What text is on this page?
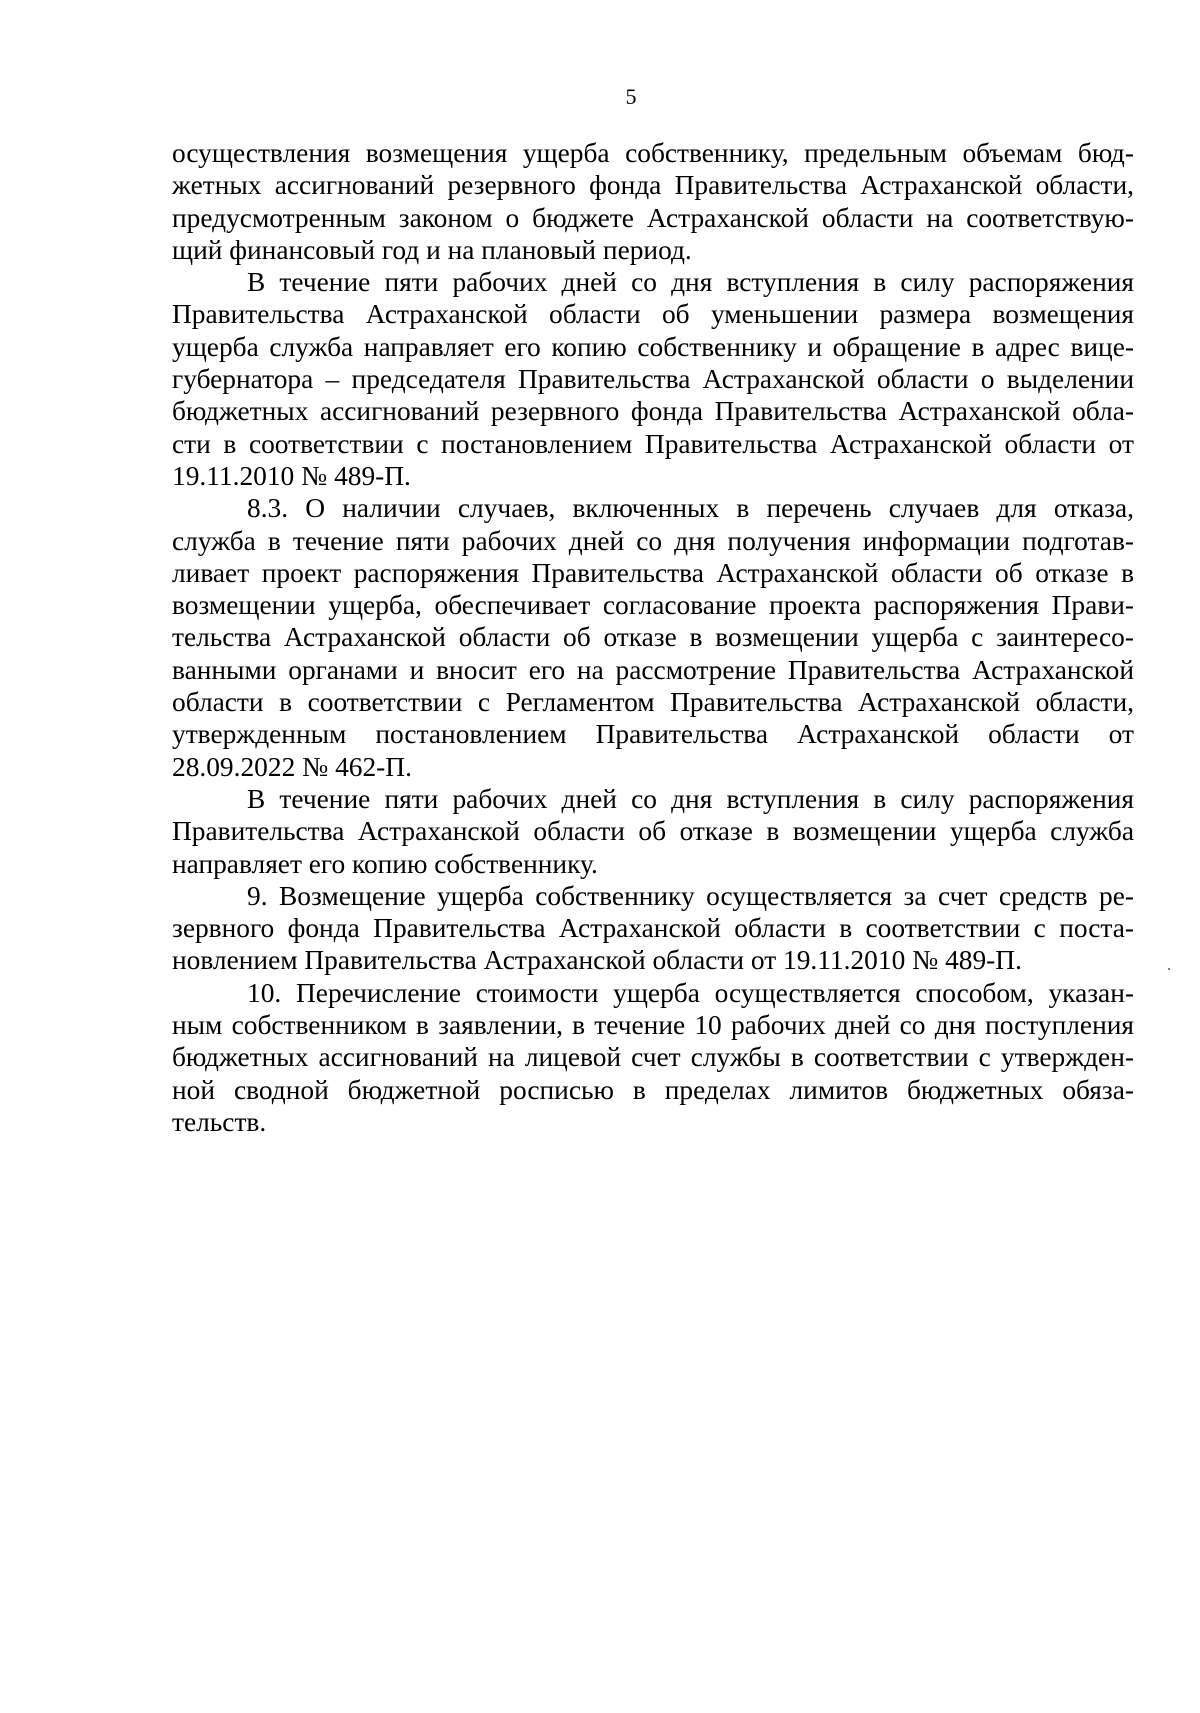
5
осуществления возмещения ущерба собственнику, предельным объемам бюд-
жетных ассигнований резервного фонда Правительства Астраханской области,
предусмотренным законом о бюджете Астраханской области на соответствую-
щий финансовый год и на плановый период.
В течение пяти рабочих дней со дня вступления в силу распоряжения
Правительства Астраханской области об уменьшении размера возмещения
ущерба служба направляет его копию собственнику и обращение в адрес вице-
губернатора – председателя Правительства Астраханской области о выделении
бюджетных ассигнований резервного фонда Правительства Астраханской обла-
сти в соответствии с постановлением Правительства Астраханской области от
19.11.2010 № 489-П.
8.3. О наличии случаев, включенных в перечень случаев для отказа,
служба в течение пяти рабочих дней со дня получения информации подготав-
ливает проект распоряжения Правительства Астраханской области об отказе в
возмещении ущерба, обеспечивает согласование проекта распоряжения Прави-
тельства Астраханской области об отказе в возмещении ущерба с заинтересо-
ванными органами и вносит его на рассмотрение Правительства Астраханской
области в соответствии с Регламентом Правительства Астраханской области,
утвержденным постановлением Правительства Астраханской области от
28.09.2022 № 462-П.
В течение пяти рабочих дней со дня вступления в силу распоряжения
Правительства Астраханской области об отказе в возмещении ущерба служба
направляет его копию собственнику.
9. Возмещение ущерба собственнику осуществляется за счет средств ре-
зервного фонда Правительства Астраханской области в соответствии с поста-
новлением Правительства Астраханской области от 19.11.2010 № 489-П.
10. Перечисление стоимости ущерба осуществляется способом, указан-
ным собственником в заявлении, в течение 10 рабочих дней со дня поступления
бюджетных ассигнований на лицевой счет службы в соответствии с утвержден-
ной сводной бюджетной росписью в пределах лимитов бюджетных обяза-
тельств.
